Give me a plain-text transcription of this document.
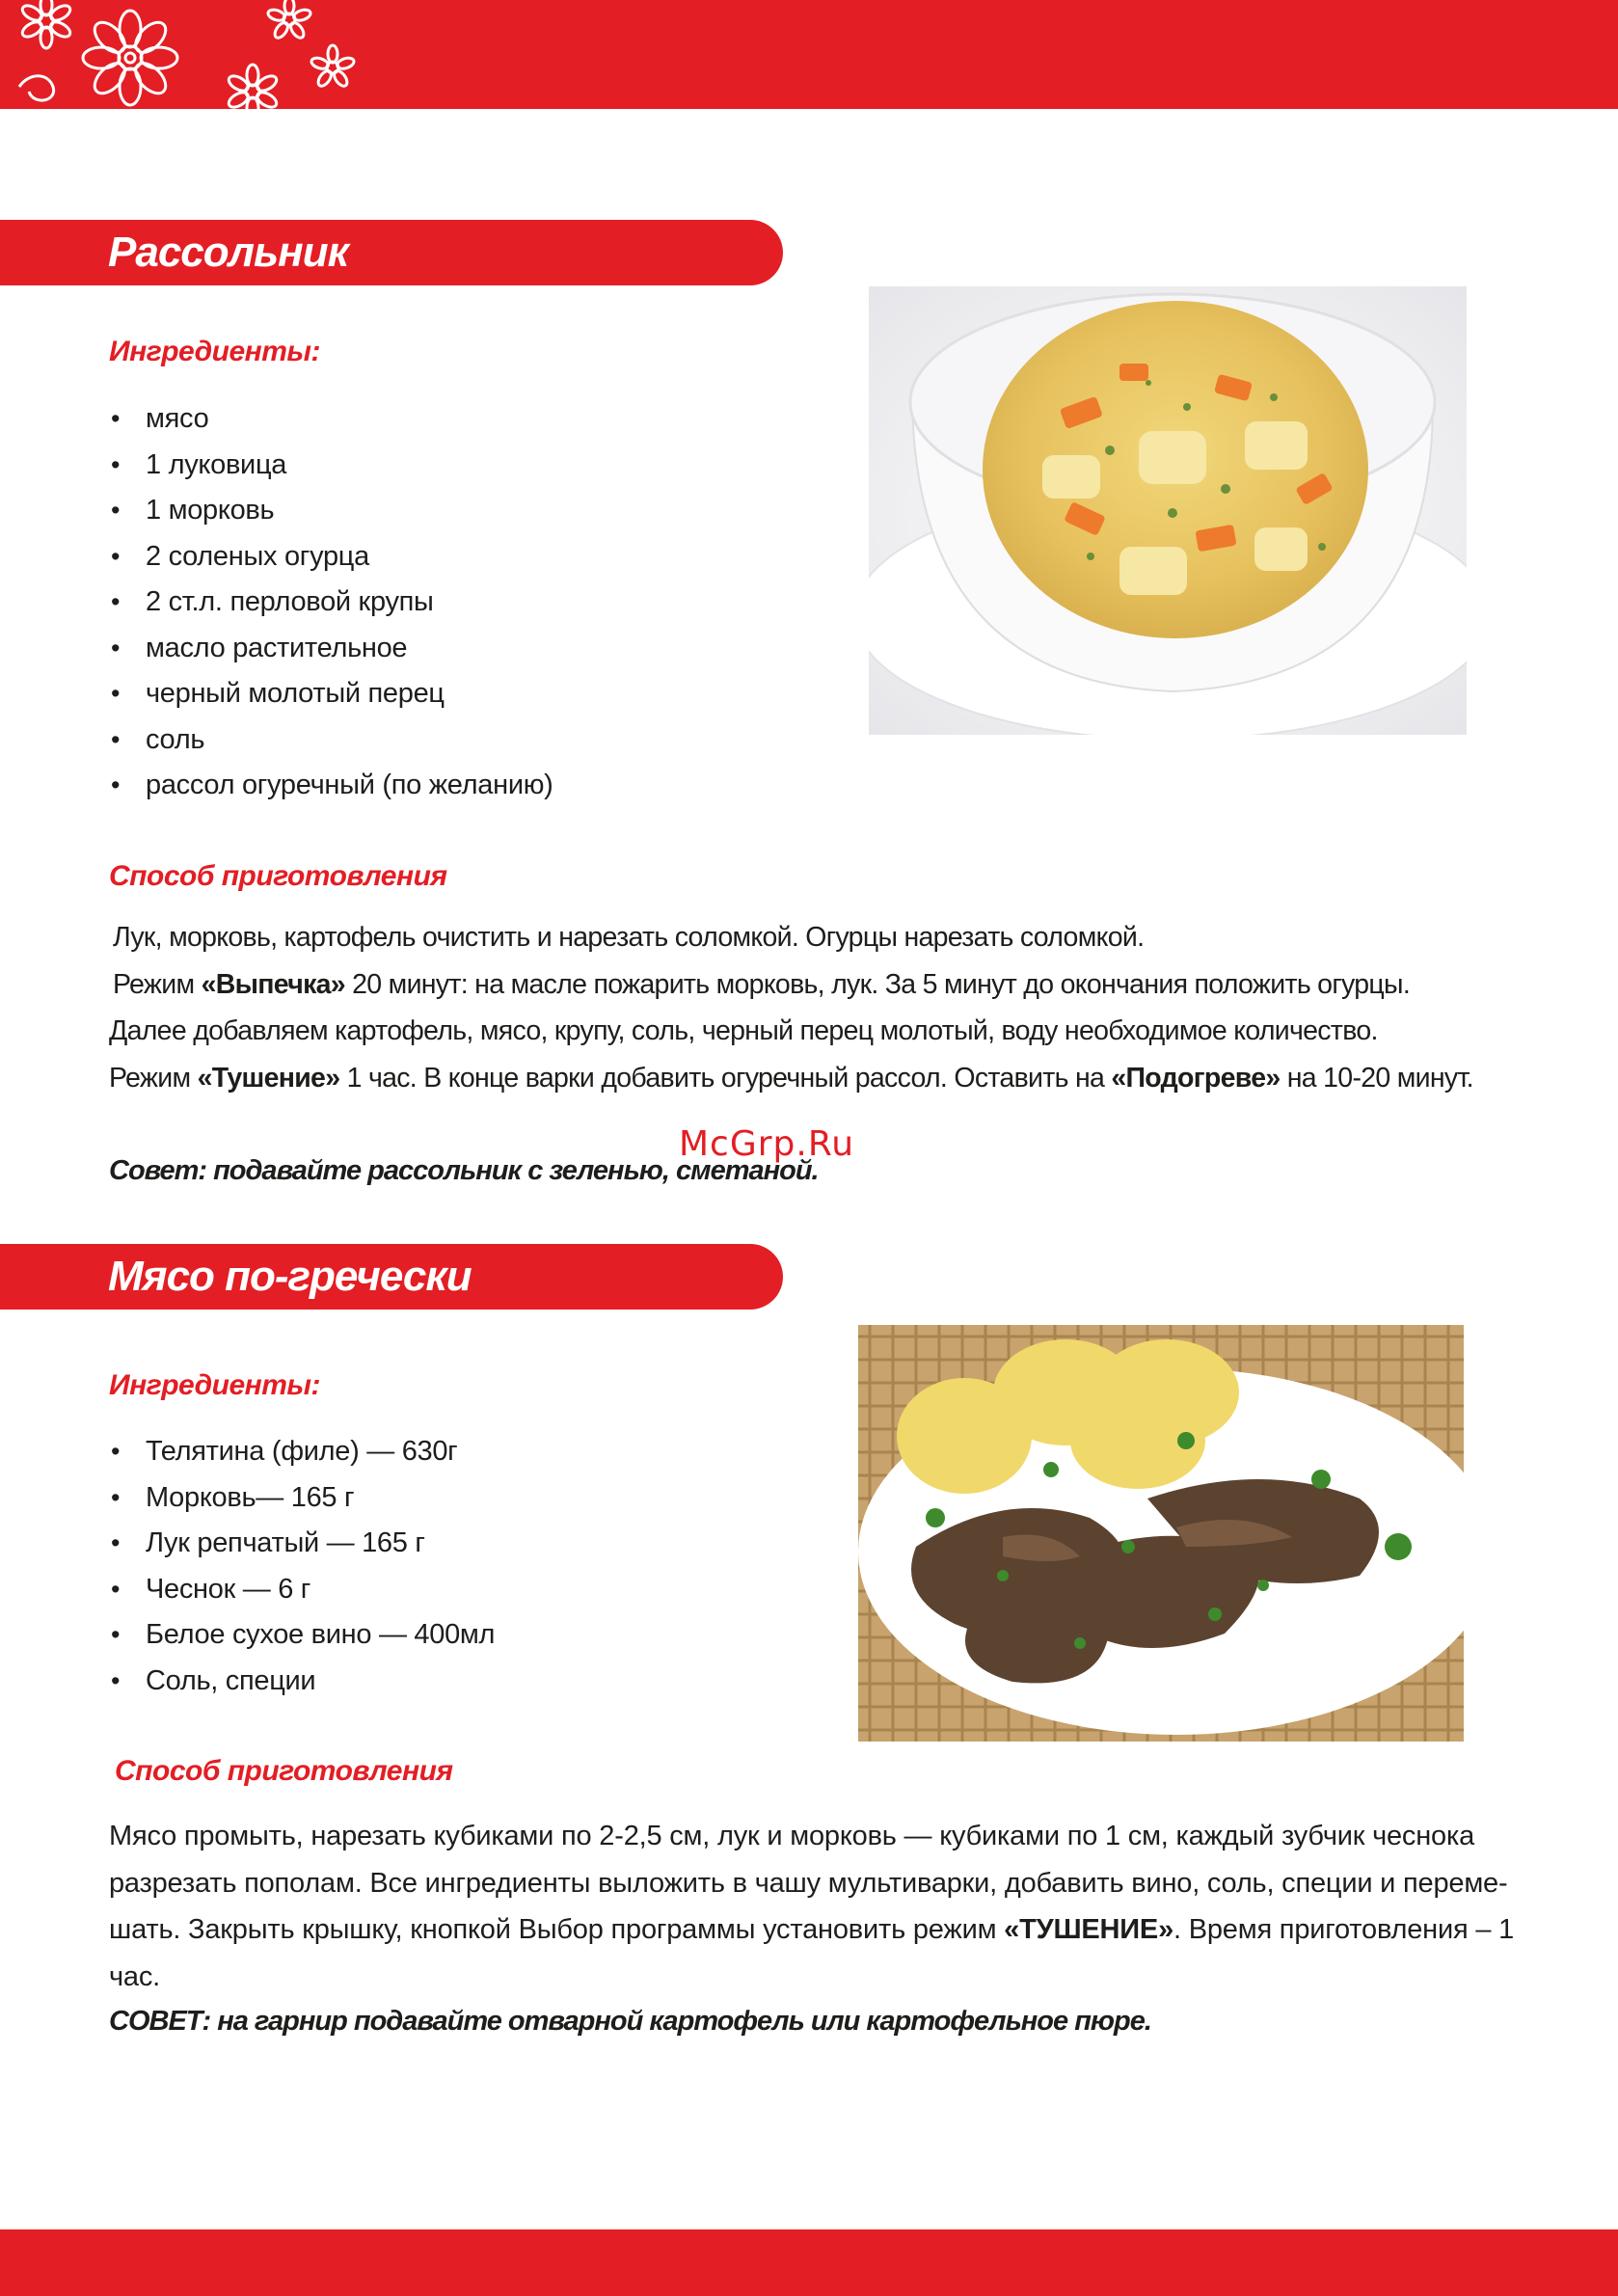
Рассольник
Ингредиенты:
• мясо
• 1 луковица
• 1 морковь
• 2 соленых огурца
• 2 ст.л. перловой крупы
• масло растительное
• черный молотый перец
• соль
• рассол огуречный (по желанию)
Способ приготовления
Лук, морковь, картофель очистить и нарезать соломкой. Огурцы нарезать соломкой.
Режим «Выпечка» 20 минут: на масле пожарить морковь, лук. За 5 минут до окончания положить огурцы.
Далее добавляем картофель, мясо, крупу, соль, черный перец молотый, воду необходимое количество.
Режим «Тушение» 1 час. В конце варки добавить огуречный рассол. Оставить на «Подогреве» на 10-20 минут.
Совет: подавайте рассольник с зеленью, сметаной.
McGrp.Ru
Мясо по-гречески
Ингредиенты:
• Телятина (филе) — 630г
• Морковь— 165 г
• Лук репчатый — 165 г
• Чеснок — 6 г
• Белое сухое вино — 400мл
• Соль, специи
Способ приготовления
Мясо промыть, нарезать кубиками по 2-2,5 см, лук и морковь — кубиками по 1 см, каждый зубчик чеснока
разрезать пополам. Все ингредиенты выложить в чашу мультиварки, добавить вино, соль, специи и переме-
шать. Закрыть крышку, кнопкой Выбор программы установить режим «ТУШЕНИЕ». Время приготовления – 1
час.
СОВЕТ: на гарнир подавайте отварной картофель или картофельное пюре.
